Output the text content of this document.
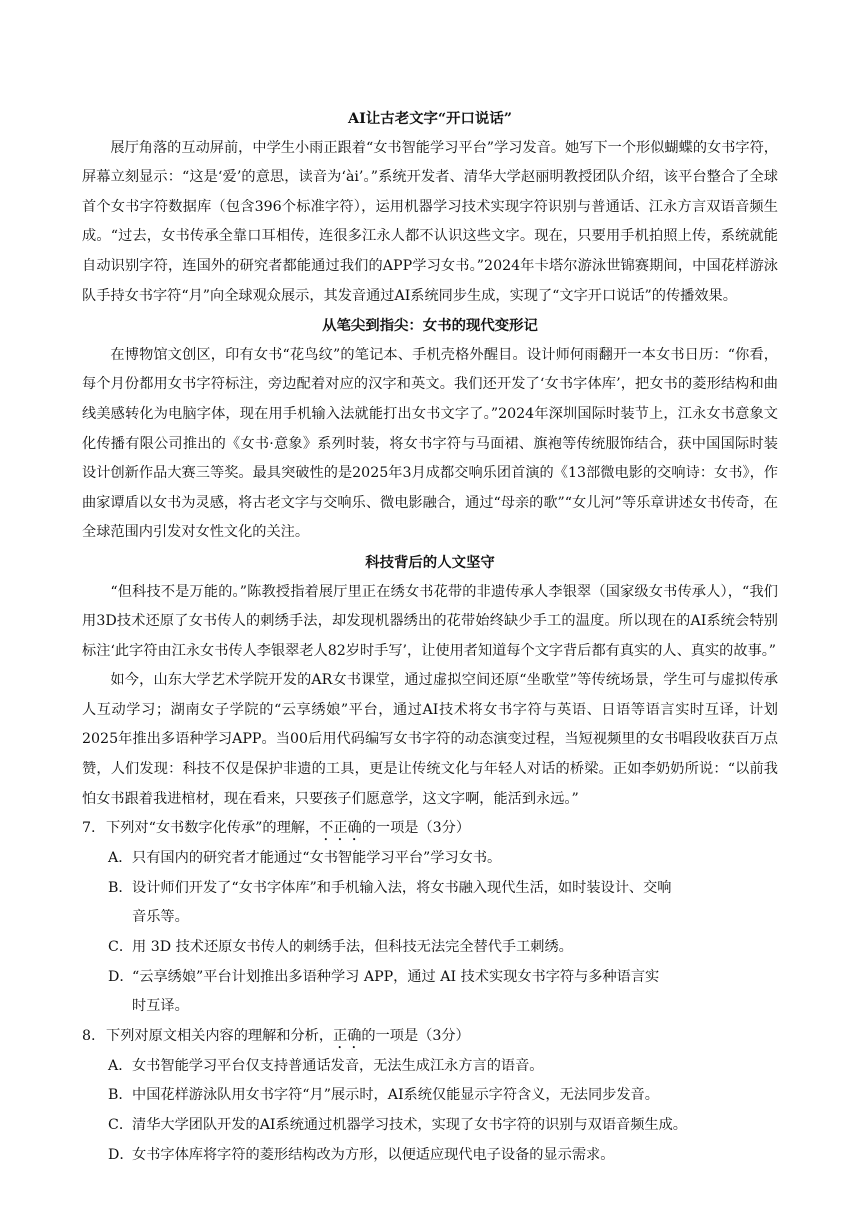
AI让古老文字“开口说话”

展厅角落的互动屏前，中学生小雨正跟着“女书智能学习平台”学习发音。她写下一个形似蝴蝶的女书字符，屏幕立刻显示：“这是‘爱’的意思，读音为‘ài’。”系统开发者、清华大学赵丽明教授团队介绍，该平台整合了全球首个女书字符数据库（包含396个标准字符），运用机器学习技术实现字符识别与普通话、江永方言双语音频生成。“过去，女书传承全靠口耳相传，连很多江永人都不认识这些文字。现在，只要用手机拍照上传，系统就能自动识别字符，连国外的研究者都能通过我们的APP学习女书。”2024年卡塔尔游泳世锦赛期间，中国花样游泳队手持女书字符“月”向全球观众展示，其发音通过AI系统同步生成，实现了“文字开口说话”的传播效果。

从笔尖到指尖：女书的现代变形记

在博物馆文创区，印有女书“花鸟纹”的笔记本、手机壳格外醒目。设计师何雨翻开一本女书日历：“你看，每个月份都用女书字符标注，旁边配着对应的汉字和英文。我们还开发了‘女书字体库’，把女书的菱形结构和曲线美感转化为电脑字体，现在用手机输入法就能打出女书文字了。”2024年深圳国际时装节上，江永女书意象文化传播有限公司推出的《女书·意象》系列时装，将女书字符与马面裙、旗袍等传统服饰结合，获中国国际时装设计创新作品大赛三等奖。最具突破性的是2025年3月成都交响乐团首演的《13部微电影的交响诗：女书》，作曲家谭盾以女书为灵感，将古老文字与交响乐、微电影融合，通过“母亲的歌”“女儿河”等乐章讲述女书传奇，在全球范围内引发对女性文化的关注。

科技背后的人文坚守

“但科技不是万能的。”陈教授指着展厅里正在绣女书花带的非遗传承人李银翠（国家级女书传承人），“我们用3D技术还原了女书传人的刺绣手法，却发现机器绣出的花带始终缺少手工的温度。所以现在的AI系统会特别标注‘此字符由江永女书传人李银翠老人82岁时手写’，让使用者知道每个文字背后都有真实的人、真实的故事。”

如今，山东大学艺术学院开发的AR女书课堂，通过虚拟空间还原“坐歌堂”等传统场景，学生可与虚拟传承人互动学习；湖南女子学院的“云享绣娘”平台，通过AI技术将女书字符与英语、日语等语言实时互译，计划2025年推出多语种学习APP。当00后用代码编写女书字符的动态演变过程，当短视频里的女书唱段收获百万点赞，人们发现：科技不仅是保护非遗的工具，更是让传统文化与年轻人对话的桥梁。正如李奶奶所说：“以前我怕女书跟着我进棺材，现在看来，只要孩子们愿意学，这文字啊，能活到永远。”

7. 下列对“女书数字化传承”的理解，不正确的一项是（3分）
A． 只有国内的研究者才能通过“女书智能学习平台”学习女书。
B． 设计师们开发了“女书字体库”和手机输入法，将女书融入现代生活，如时装设计、交响音乐等。
C．
用 3D 技术还原女书传人的刺绣手法，但科技无法完全替代手工刺绣。
D．
“云享绣娘”平台计划推出多语种学习 APP，通过 AI 技术实现女书字符与多种语言实时互译。
8. 下列对原文相关内容的理解和分析，正确的一项是（3分）
A． 女书智能学习平台仅支持普通话发音，无法生成江永方言的语音。
B． 中国花样游泳队用女书字符“月”展示时，AI系统仅能显示字符含义，无法同步发音。
C．
清华大学团队开发的AI系统通过机器学习技术，实现了女书字符的识别与双语音频生成。
D．
女书字体库将字符的菱形结构改为方形，以便适应现代电子设备的显示需求。
